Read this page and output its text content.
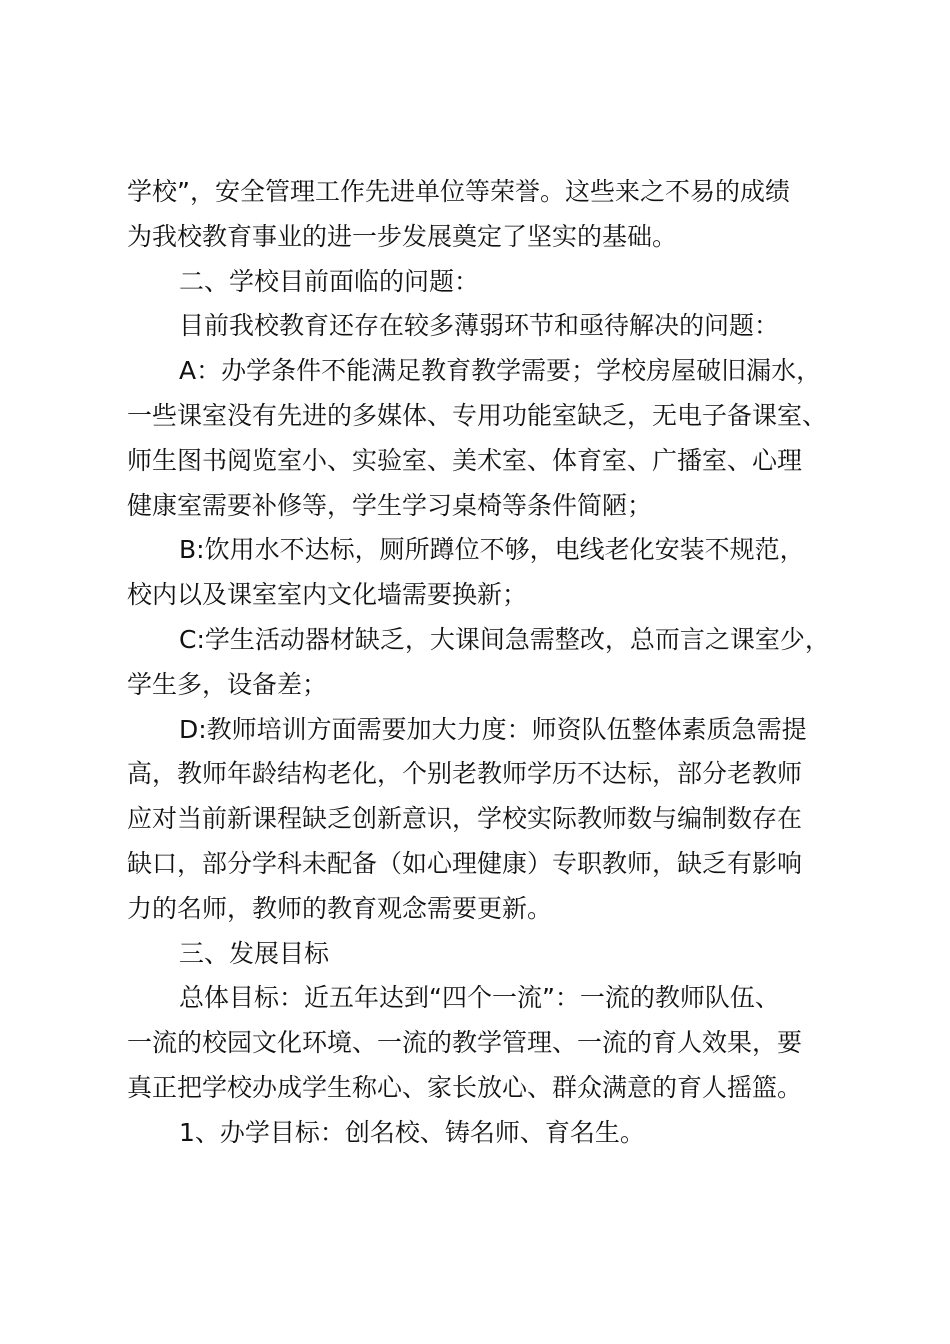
学校”，安全管理工作先进单位等荣誉。这些来之不易的成绩
为我校教育事业的进一步发展奠定了坚实的基础。
二、学校目前面临的问题：
目前我校教育还存在较多薄弱环节和亟待解决的问题：
A：办学条件不能满足教育教学需要；学校房屋破旧漏水，
一些课室没有先进的多媒体、专用功能室缺乏，无电子备课室、
师生图书阅览室小、实验室、美术室、体育室、广播室、心理
健康室需要补修等，学生学习桌椅等条件简陋；
B:饮用水不达标，厕所蹲位不够，电线老化安装不规范，
校内以及课室室内文化墙需要换新；
C:学生活动器材缺乏，大课间急需整改，总而言之课室少，
学生多，设备差；
D:教师培训方面需要加大力度：师资队伍整体素质急需提
高，教师年龄结构老化，个别老教师学历不达标，部分老教师
应对当前新课程缺乏创新意识，学校实际教师数与编制数存在
缺口，部分学科未配备（如心理健康）专职教师，缺乏有影响
力的名师，教师的教育观念需要更新。
三、发展目标
总体目标：近五年达到“四个一流”：一流的教师队伍、
一流的校园文化环境、一流的教学管理、一流的育人效果，要
真正把学校办成学生称心、家长放心、群众满意的育人摇篮。
1、办学目标：创名校、铸名师、育名生。
